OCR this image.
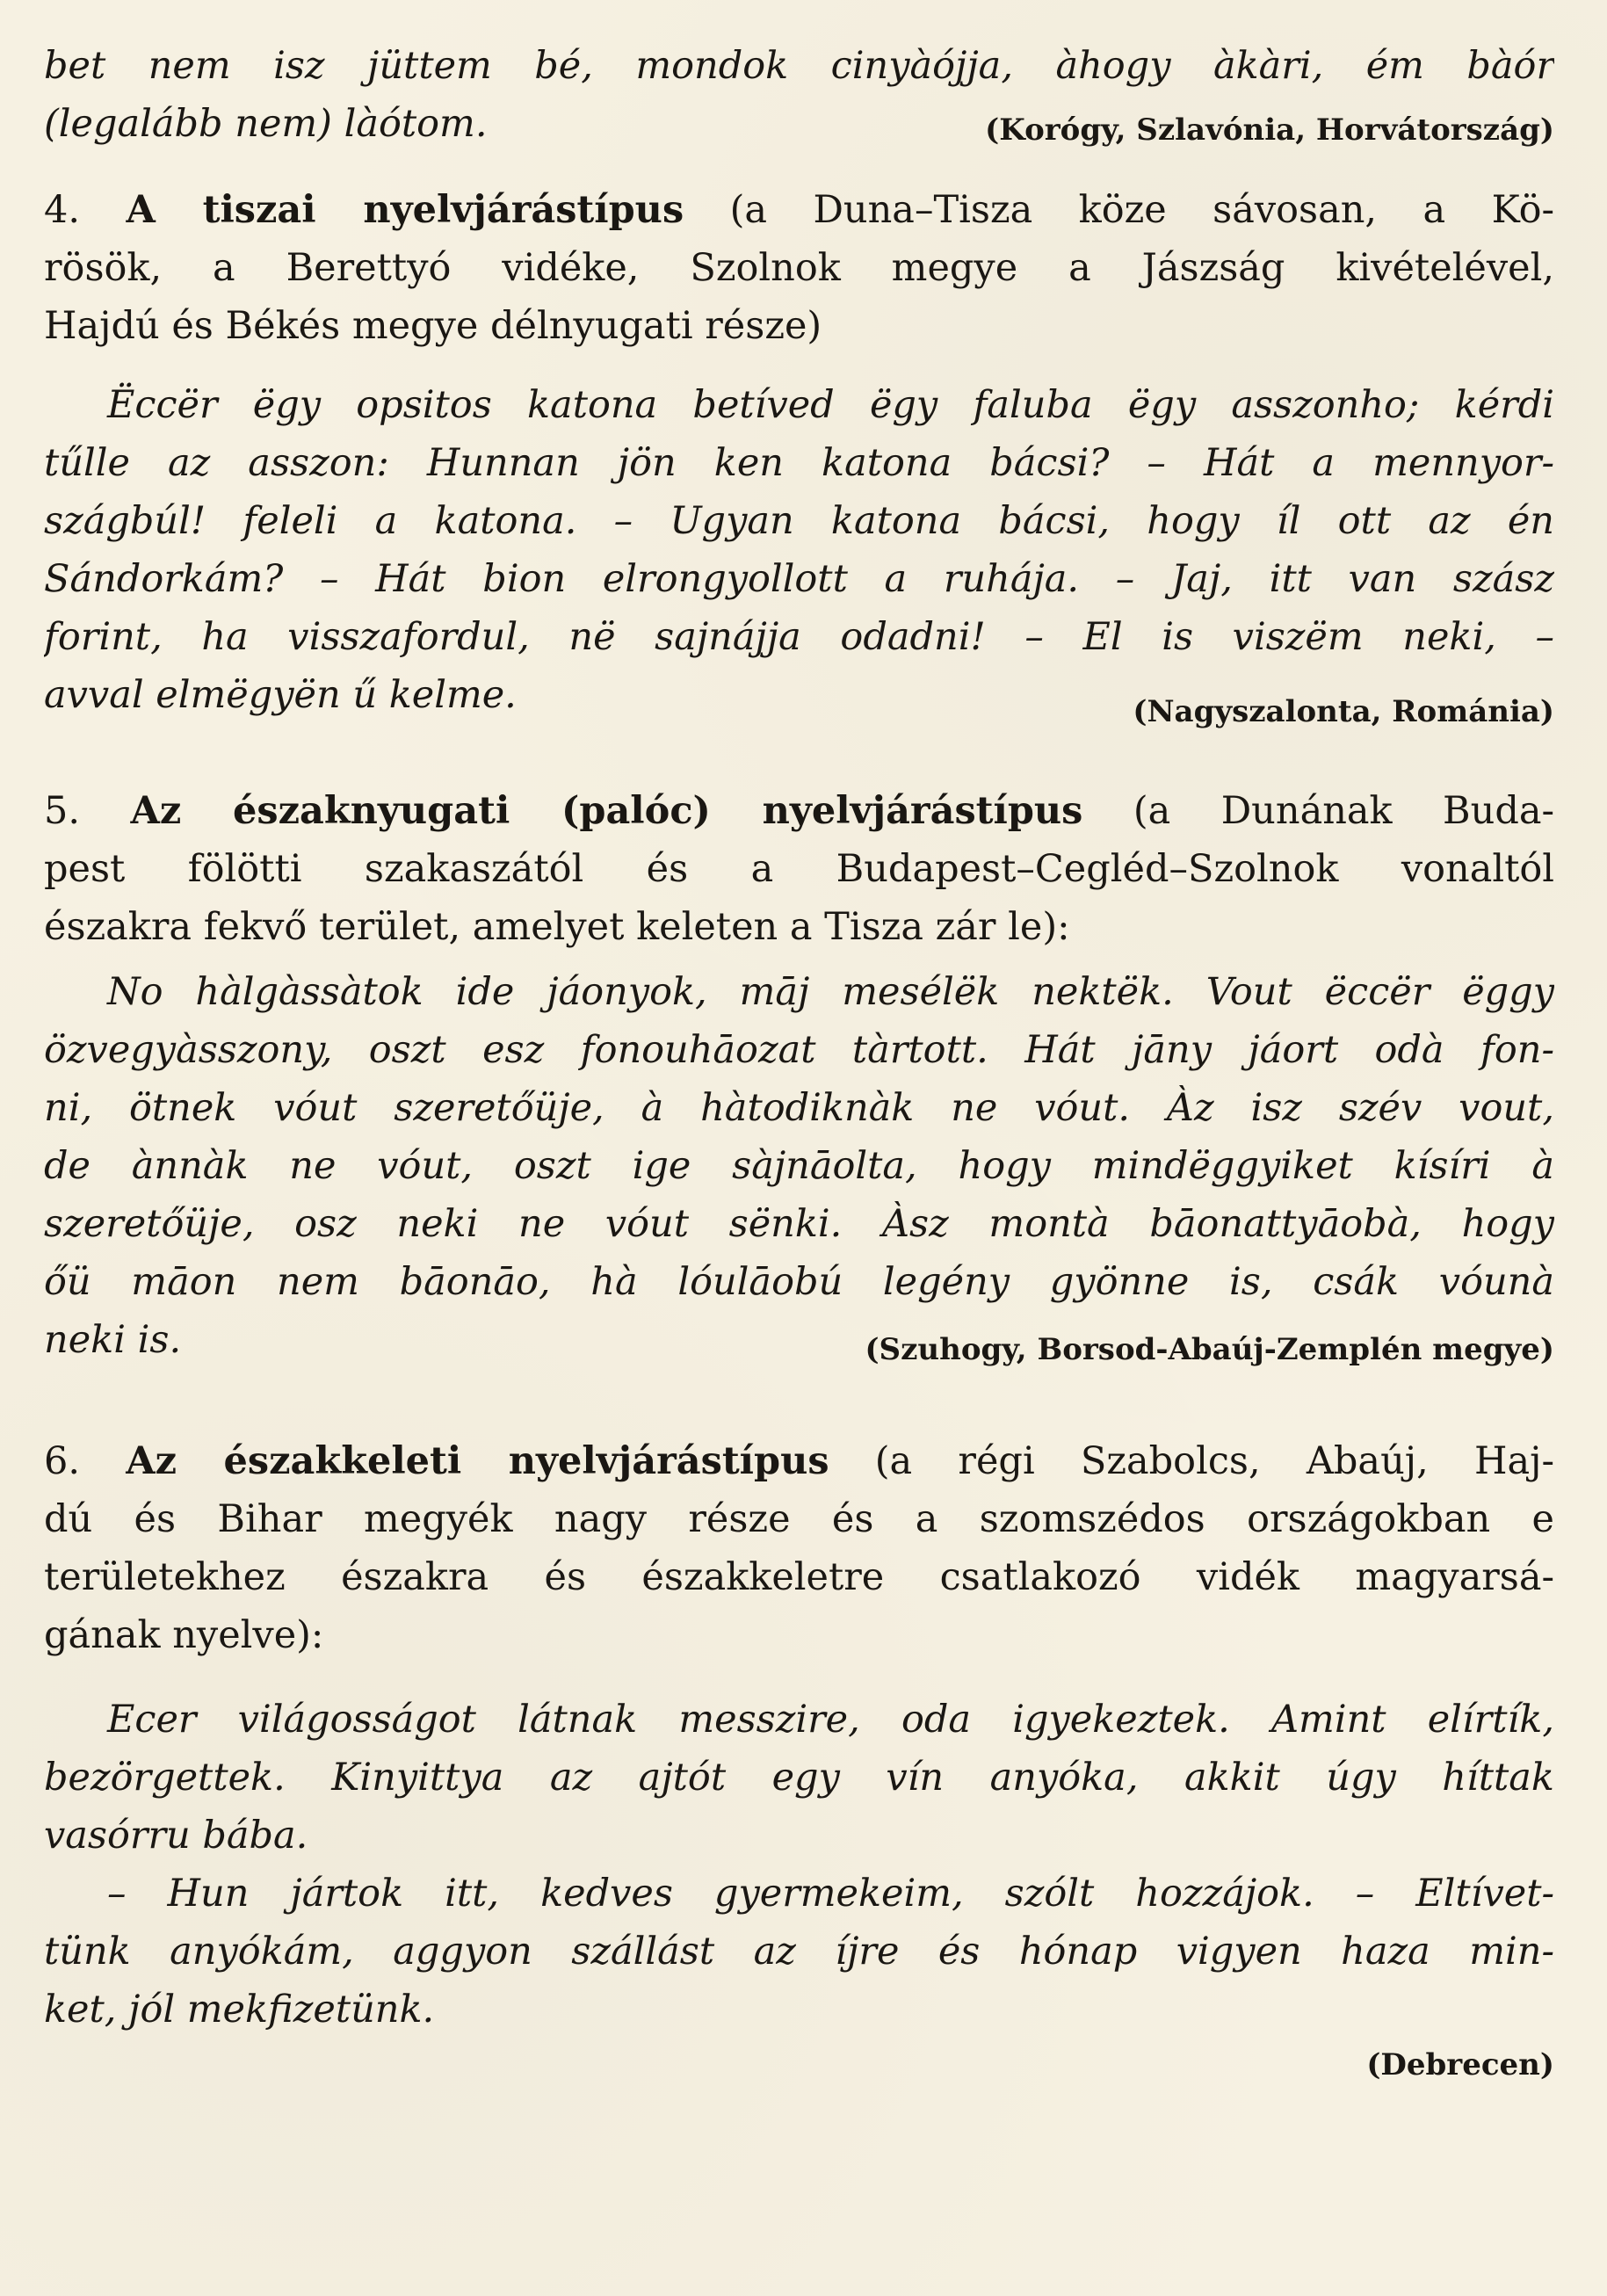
bet nem isz jüttem bé, mondok cinyàójja, àhogy àkàri, ém bàór
(legalább nem) làótom.	(Korógy, Szlavónia, Horvátország)
4. A tiszai nyelvjárástípus (a Duna–Tisza köze sávosan, a Kö-
rösök, a Berettyó vidéke, Szolnok megye a Jászság kivételével,
Hajdú és Békés megye délnyugati része)
Ëccër ëgy opsitos katona betíved ëgy faluba ëgy asszonho; kérdi
tűlle az asszon: Hunnan jön ken katona bácsi? – Hát a mennyor-
szágbúl! feleli a katona. – Ugyan katona bácsi, hogy íl ott az én
Sándorkám? – Hát bion elrongyollott a ruhája. – Jaj, itt van szász
forint, ha visszafordul, në sajnájja odadni! – El is viszëm neki, –
avval elmëgyën ű kelme.	(Nagyszalonta, Románia)
5. Az északnyugati (palóc) nyelvjárástípus (a Dunának Buda-
pest fölötti szakaszától és a Budapest–Cegléd–Szolnok vonaltól
északra fekvő terület, amelyet keleten a Tisza zár le):
No hàlgàssàtok ide jáonyok, māj mesélëk nektëk. Vout ëccër ëggy
özvegyàsszony, oszt esz fonouhāozat tàrtott. Hát jāny jáort odà fon-
ni, ötnek vóut szeretőüje, à hàtodiknàk ne vóut. Àz isz szév vout,
de ànnàk ne vóut, oszt ige sàjnāolta, hogy mindëggyiket kísíri à
szeretőüje, osz neki ne vóut sënki. Àsz montà bāonattyāobà, hogy
őü māon nem bāonāo, hà lóulāobú legény gyönne is, csák vóunà
neki is.	(Szuhogy, Borsod-Abaúj-Zemplén megye)
6. Az északkeleti nyelvjárástípus (a régi Szabolcs, Abaúj, Haj-
dú és Bihar megyék nagy része és a szomszédos országokban e
területekhez északra és északkeletre csatlakozó vidék magyarsá-
gának nyelve):
Ecer világosságot látnak messzire, oda igyekeztek. Amint elírtík,
bezörgettek. Kinyittya az ajtót egy vín anyóka, akkit úgy híttak
vasórru bába.
– Hun jártok itt, kedves gyermekeim, szólt hozzájok. – Eltívet-
tünk anyókám, aggyon szállást az íjre és hónap vigyen haza min-
ket, jól mekfizetünk.
(Debrecen)
